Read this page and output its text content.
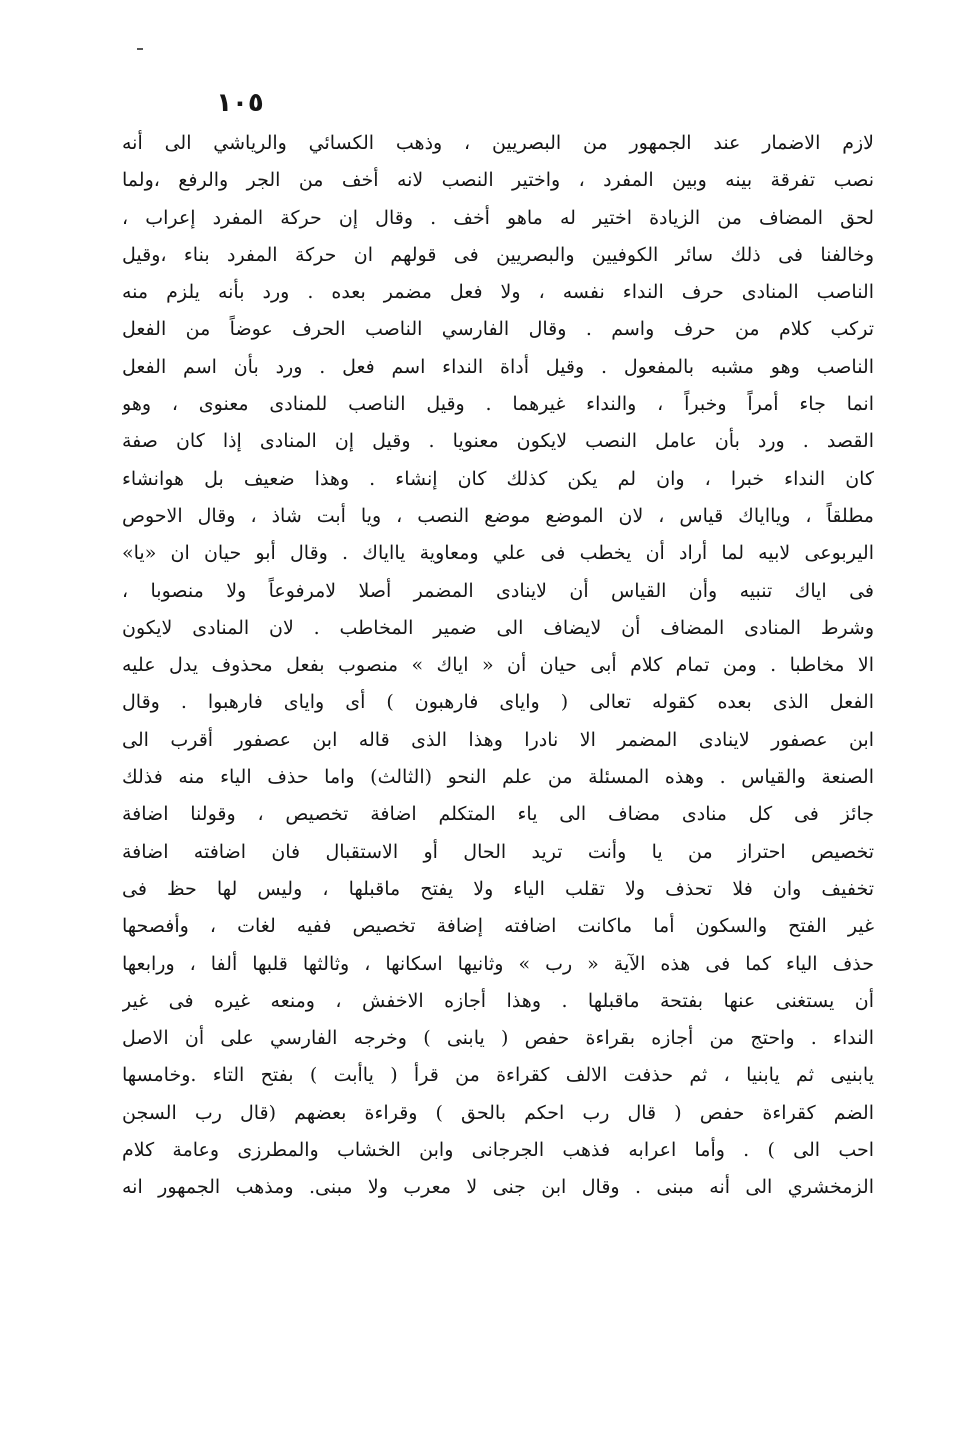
١٠٥
لازم الاضمار عند الجمهور من البصريين ، وذهب الكسائي والرياشي الى أنه
نصب تفرقة بينه وبين المفرد ، واختير النصب لانه أخف من الجر والرفع ،ولما
لحق المضاف من الزيادة اختير له ماهو أخف . وقال إن حركة المفرد إعراب ،
وخالفنا فى ذلك سائر الكوفيين والبصريين فى قولهم ان حركة المفرد بناء ،وقيل
الناصب المنادى حرف النداء نفسه ، ولا فعل مضمر بعده . ورد بأنه يلزم منه
تركب كلام من حرف واسم . وقال الفارسي الناصب الحرف عوضاً من الفعل
الناصب وهو مشبه بالمفعول . وقيل أداة النداء اسم فعل . ورد بأن اسم الفعل
انما جاء أمراً وخبراً ، والنداء غيرهما . وقيل الناصب للمنادى معنوى ، وهو
القصد . ورد بأن عامل النصب لايكون معنويا . وقيل إن المنادى إذا كان صفة
كان النداء خبرا ، وان لم يكن كذلك كان إنشاء . وهذا ضعيف بل هوانشاء
مطلقاً ، ويااياك قياس ، لان الموضع موضع النصب ، ويا أبت شاذ ، وقال الاحوص
اليربوعى لابيه لما أراد أن يخطب فى علي ومعاوية يااياك . وقال أبو حيان ان «يا»
فى اياك تنبيه وأن القياس أن لاينادى المضمر أصلا لامرفوعاً ولا منصوبا ،
وشرط المنادى المضاف أن لايضاف الى ضمير المخاطب . لان المنادى لايكون
الا مخاطبا . ومن تمام كلام أبى حيان أن « اياك » منصوب بفعل محذوف يدل عليه
الفعل الذى بعده كقوله تعالى ( واياى فارهبون ) أى واياى فارهبوا . وقال
ابن عصفور لاينادى المضمر الا نادرا وهذا الذى قاله ابن عصفور أقرب الى
الصنعة والقياس . وهذه المسئلة من علم النحو (الثالث) واما حذف الياء منه فذلك
جائز فى كل منادى مضاف الى ياء المتكلم اضافة تخصيص ، وقولنا اضافة
تخصيص احتراز من يا وأنت تريد الحال أو الاستقبال فان اضافته اضافة
تخفيف وان فلا تحذف ولا تقلب الياء ولا يفتح ماقبلها ، وليس لها حظ فى
غير الفتح والسكون أما ماكانت اضافته إضافة تخصيص ففيه لغات ، وأفصحها
حذف الياء كما فى هذه الآية « رب » وثانيها اسكانها ، وثالثها قلبها ألفا ، ورابعها
أن يستغنى عنها بفتحة ماقبلها . وهذا أجازه الاخفش ، ومنعه غيره فى غير
النداء . واحتج من أجازه بقراءة حفص ( يابنى ) وخرجه الفارسي على أن الاصل
يابنيى ثم يابنيا ، ثم حذفت الالف كقراءة من قرأ ( ياأبت ) بفتح التاء .وخامسها
الضم كقراءة حفص ( قال رب احكم بالحق ) وقراءة بعضهم (قال رب السجن
احب الى ) . وأما اعرابه فذهب الجرجانى وابن الخشاب والمطرزى وعامة كلام
الزمخشري الى أنه مبنى . وقال ابن جنى لا معرب ولا مبنى. ومذهب الجمهور انه
